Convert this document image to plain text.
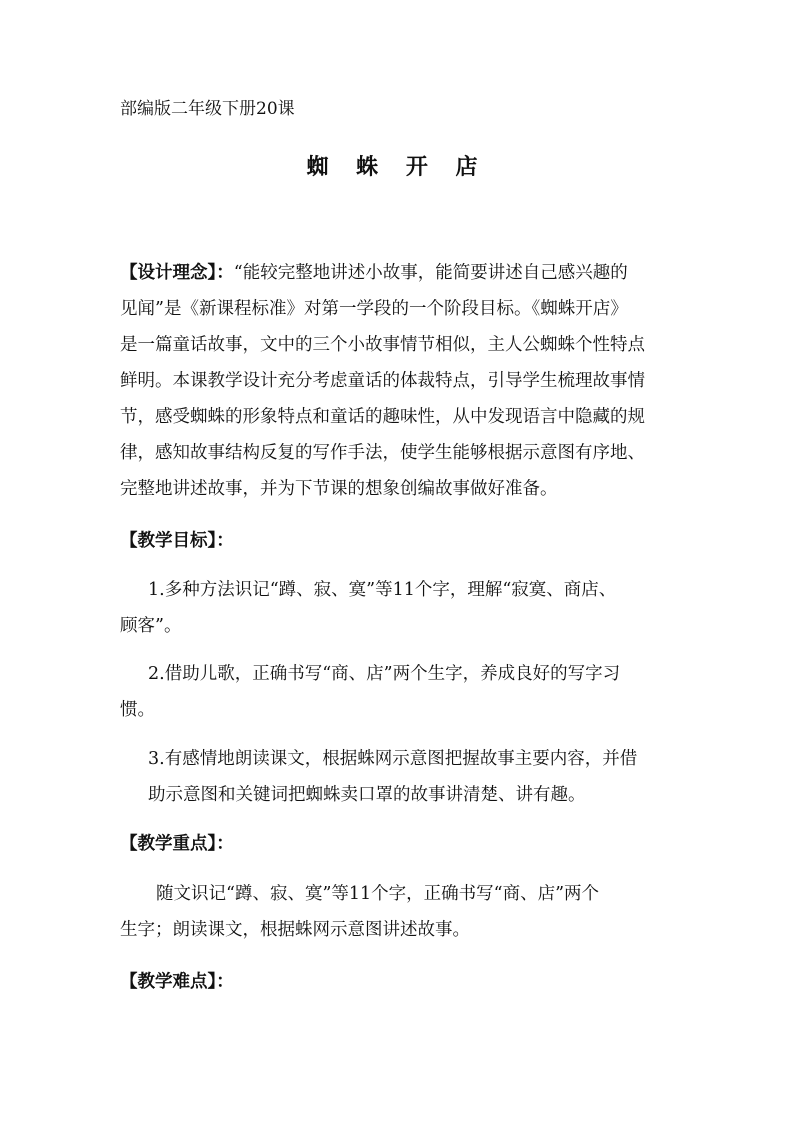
部编版二年级下册20课
蜘 蛛 开 店
【设计理念】：“能较完整地讲述小故事，能简要讲述自己感兴趣的
见闻”是《新课程标准》对第一学段的一个阶段目标。《蜘蛛开店》
是一篇童话故事，文中的三个小故事情节相似，主人公蜘蛛个性特点
鲜明。本课教学设计充分考虑童话的体裁特点，引导学生梳理故事情
节，感受蜘蛛的形象特点和童话的趣味性，从中发现语言中隐藏的规
律，感知故事结构反复的写作手法，使学生能够根据示意图有序地、
完整地讲述故事，并为下节课的想象创编故事做好准备。
【教学目标】：
1.多种方法识记“蹲、寂、寞”等11个字，理解“寂寞、商店、
顾客”。
2.借助儿歌，正确书写“商、店”两个生字，养成良好的写字习
惯。
3.有感情地朗读课文，根据蛛网示意图把握故事主要内容，并借
助示意图和关键词把蜘蛛卖口罩的故事讲清楚、讲有趣。
【教学重点】：
随文识记“蹲、寂、寞”等11个字，正确书写“商、店”两个
生字；朗读课文，根据蛛网示意图讲述故事。
【教学难点】：
